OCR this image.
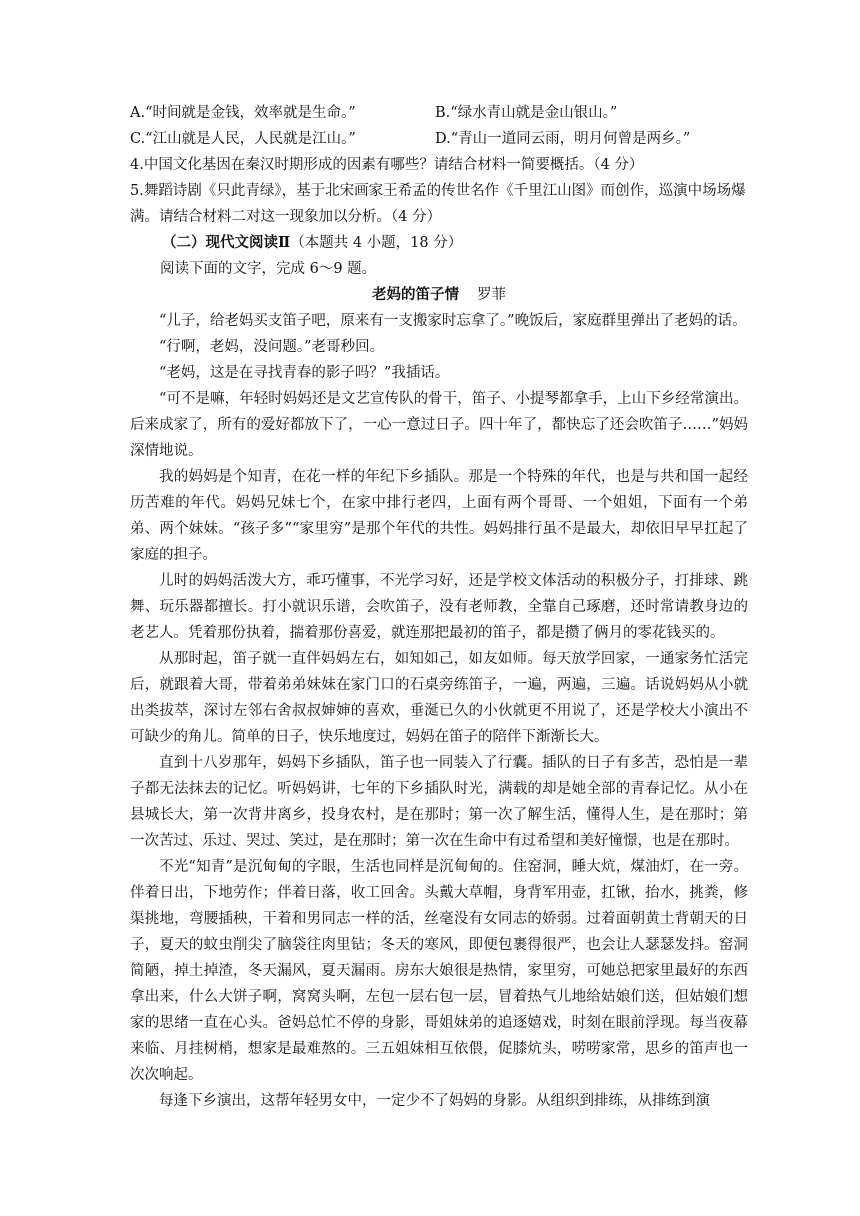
A.“时间就是金钱，效率就是生命。”	B.“绿水青山就是金山银山。”
C.“江山就是人民，人民就是江山。”	D.“青山一道同云雨，明月何曾是两乡。”

4.中国文化基因在秦汉时期形成的因素有哪些？请结合材料一简要概括。（4 分）

5.舞蹈诗剧《只此青绿》，基于北宋画家王希孟的传世名作《千里江山图》而创作，巡演中场场爆满。请结合材料二对这一现象加以分析。（4 分）

（二）现代文阅读Ⅱ（本题共 4 小题，18 分）

阅读下面的文字，完成 6～9 题。

老妈的笛子情 罗菲

“儿子，给老妈买支笛子吧，原来有一支搬家时忘拿了。”晚饭后，家庭群里弹出了老妈的话。

“行啊，老妈，没问题。”老哥秒回。

“老妈，这是在寻找青春的影子吗？”我插话。

“可不是嘛，年轻时妈妈还是文艺宣传队的骨干，笛子、小提琴都拿手，上山下乡经常演出。后来成家了，所有的爱好都放下了，一心一意过日子。四十年了，都快忘了还会吹笛子……”妈妈深情地说。

我的妈妈是个知青，在花一样的年纪下乡插队。那是一个特殊的年代，也是与共和国一起经历苦难的年代。妈妈兄妹七个，在家中排行老四，上面有两个哥哥、一个姐姐，下面有一个弟弟、两个妹妹。“孩子多”“家里穷”是那个年代的共性。妈妈排行虽不是最大，却依旧早早扛起了家庭的担子。

儿时的妈妈活泼大方，乖巧懂事，不光学习好，还是学校文体活动的积极分子，打排球、跳舞、玩乐器都擅长。打小就识乐谱，会吹笛子，没有老师教，全靠自己琢磨，还时常请教身边的老艺人。凭着那份执着，揣着那份喜爱，就连那把最初的笛子，都是攒了俩月的零花钱买的。

从那时起，笛子就一直伴妈妈左右，如知如己，如友如师。每天放学回家，一通家务忙活完后，就跟着大哥，带着弟弟妹妹在家门口的石桌旁练笛子，一遍，两遍，三遍。话说妈妈从小就出类拔萃，深讨左邻右舍叔叔婶婶的喜欢，垂涎已久的小伙就更不用说了，还是学校大小演出不可缺少的角儿。简单的日子，快乐地度过，妈妈在笛子的陪伴下渐渐长大。

直到十八岁那年，妈妈下乡插队，笛子也一同装入了行囊。插队的日子有多苦，恐怕是一辈子都无法抹去的记忆。听妈妈讲，七年的下乡插队时光，满载的却是她全部的青春记忆。从小在县城长大，第一次背井离乡，投身农村，是在那时；第一次了解生活，懂得人生，是在那时；第一次苦过、乐过、哭过、笑过，是在那时；第一次在生命中有过希望和美好憧憬，也是在那时。

不光“知青”是沉甸甸的字眼，生活也同样是沉甸甸的。住窑洞，睡大炕，煤油灯，在一旁。伴着日出，下地劳作；伴着日落，收工回舍。头戴大草帽，身背军用壶，扛锹，抬水，挑粪，修渠挑地，弯腰插秧，干着和男同志一样的活，丝毫没有女同志的娇弱。过着面朝黄土背朝天的日子，夏天的蚊虫削尖了脑袋往肉里钻；冬天的寒风，即便包裹得很严，也会让人瑟瑟发抖。窑洞简陋，掉土掉渣，冬天漏风，夏天漏雨。房东大娘很是热情，家里穷，可她总把家里最好的东西拿出来，什么大饼子啊，窝窝头啊，左包一层右包一层，冒着热气儿地给姑娘们送，但姑娘们想家的思绪一直在心头。爸妈总忙不停的身影，哥姐妹弟的追逐嬉戏，时刻在眼前浮现。每当夜幕来临、月挂树梢，想家是最难熬的。三五姐妹相互依偎，促膝炕头，唠唠家常，思乡的笛声也一次次响起。

每逢下乡演出，这帮年轻男女中，一定少不了妈妈的身影。从组织到排练，从排练到演
